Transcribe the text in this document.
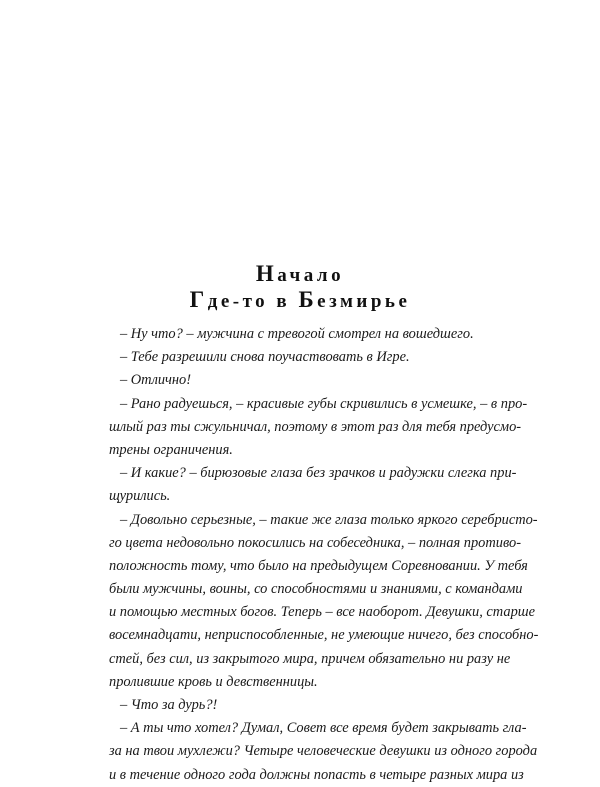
Начало
Где-то в Безмирье
– Ну что? – мужчина с тревогой смотрел на вошедшего.
– Тебе разрешили снова поучаствовать в Игре.
– Отлично!
– Рано радуешься, – красивые губы скривились в усмешке, – в про-
шлый раз ты сжульничал, поэтому в этот раз для тебя предусмо-
трены ограничения.
– И какие? – бирюзовые глаза без зрачков и радужки слегка при-
щурились.
– Довольно серьезные, – такие же глаза только яркого серебристо-
го цвета недовольно покосились на собеседника, – полная противо-
положность тому, что было на предыдущем Соревновании. У тебя
были мужчины, воины, со способностями и знаниями, с командами
и помощью местных богов. Теперь – все наоборот. Девушки, старше
восемнадцати, неприспособленные, не умеющие ничего, без способно-
стей, без сил, из закрытого мира, причем обязательно ни разу не
пролившие кровь и девственницы.
– Что за дурь?!
– А ты что хотел? Думал, Совет все время будет закрывать гла-
за на твои мухлежи? Четыре человеческие девушки из одного города
и в течение одного года должны попасть в четыре разных мира из
